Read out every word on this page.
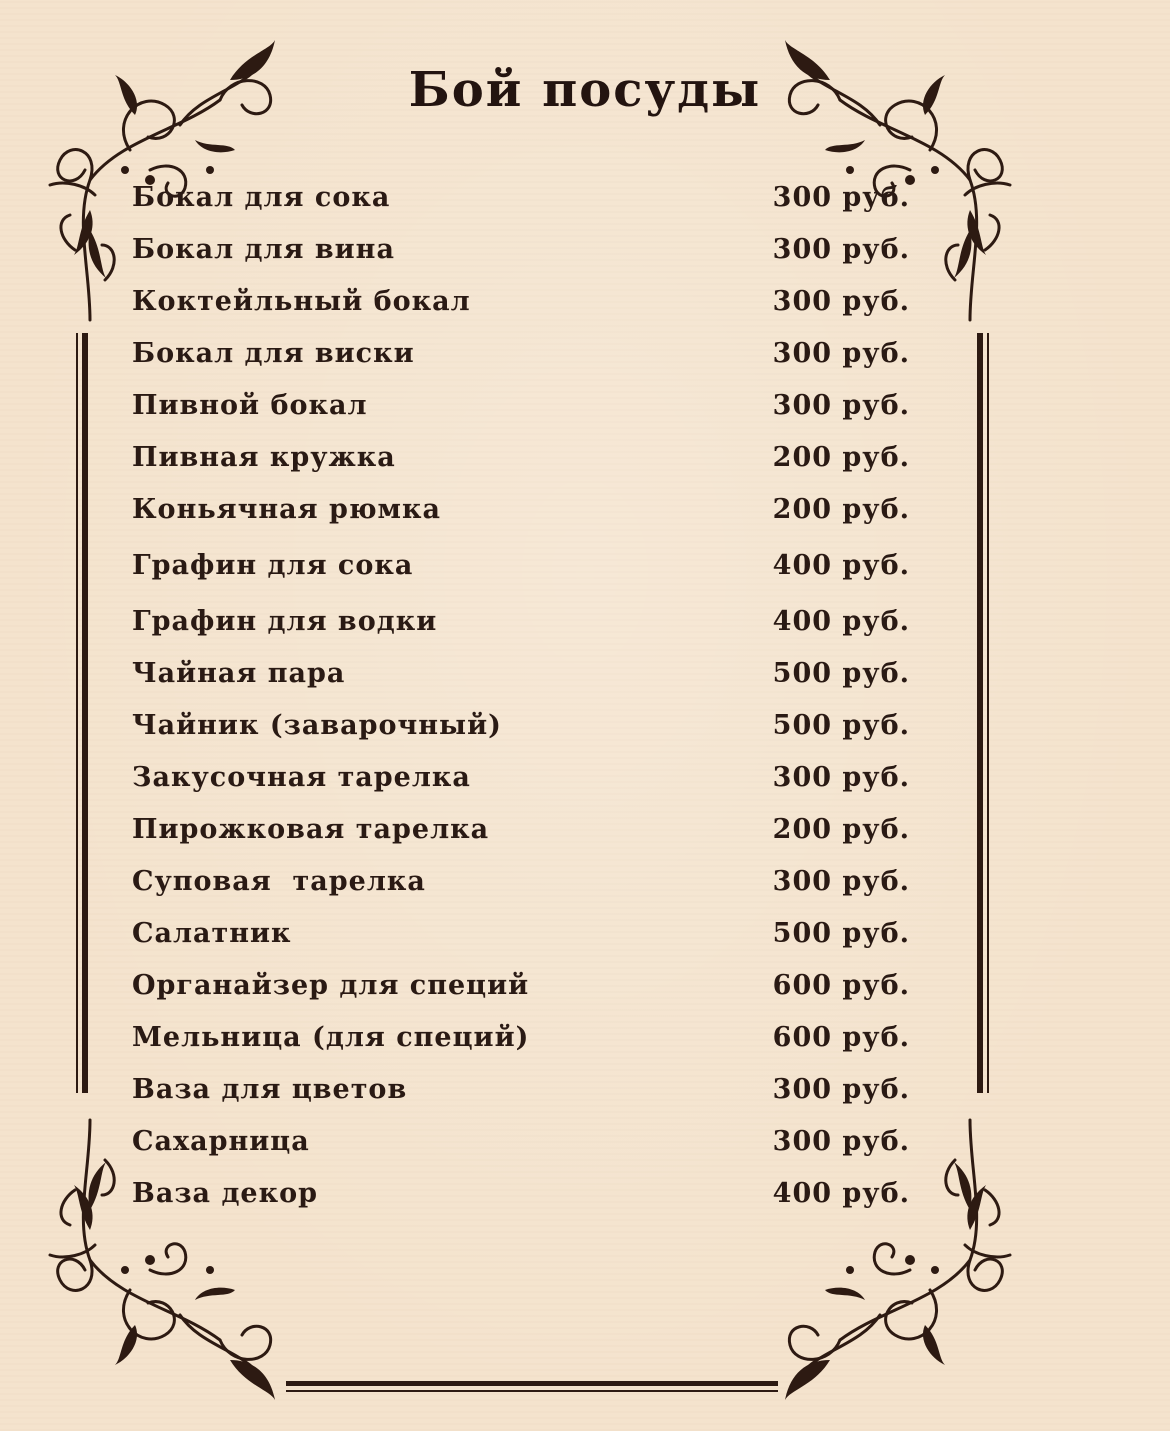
Бой посуды
Бокал для сока	300 руб.
Бокал для вина	300 руб.
Коктейльный бокал	300 руб.
Бокал для виски	300 руб.
Пивной бокал	300 руб.
Пивная кружка	200 руб.
Коньячная рюмка	200 руб.
Графин для сока	400 руб.
Графин для водки	400 руб.
Чайная пара	500 руб.
Чайник (заварочный)	500 руб.
Закусочная тарелка	300 руб.
Пирожковая тарелка	200 руб.
Суповая  тарелка	300 руб.
Салатник	500 руб.
Органайзер для специй	600 руб.
Мельница (для специй)	600 руб.
Ваза для цветов	300 руб.
Сахарница	300 руб.
Ваза декор	400 руб.
